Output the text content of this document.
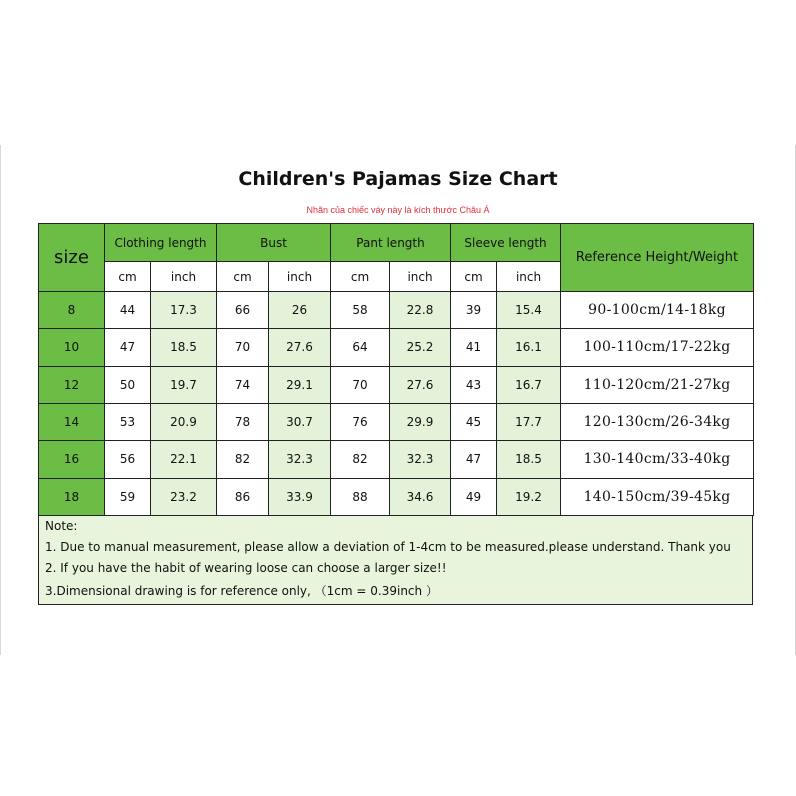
Children's Pajamas Size Chart
Nhãn của chiếc váy này là kích thước Châu Á
size	Clothing length		Bust		Pant length		Sleeve length		Reference Height/Weight
	cm	inch	cm	inch	cm	inch	cm	inch	
8	44	17.3	66	26	58	22.8	39	15.4	90-100cm/14-18kg
10	47	18.5	70	27.6	64	25.2	41	16.1	100-110cm/17-22kg
12	50	19.7	74	29.1	70	27.6	43	16.7	110-120cm/21-27kg
14	53	20.9	78	30.7	76	29.9	45	17.7	120-130cm/26-34kg
16	56	22.1	82	32.3	82	32.3	47	18.5	130-140cm/33-40kg
18	59	23.2	86	33.9	88	34.6	49	19.2	140-150cm/39-45kg
Note:
1. Due to manual measurement, please allow a deviation of 1-4cm to be measured.please understand. Thank you
2. If you have the habit of wearing loose can choose a larger size!!
3.Dimensional drawing is for reference only, （1cm = 0.39inch ）
